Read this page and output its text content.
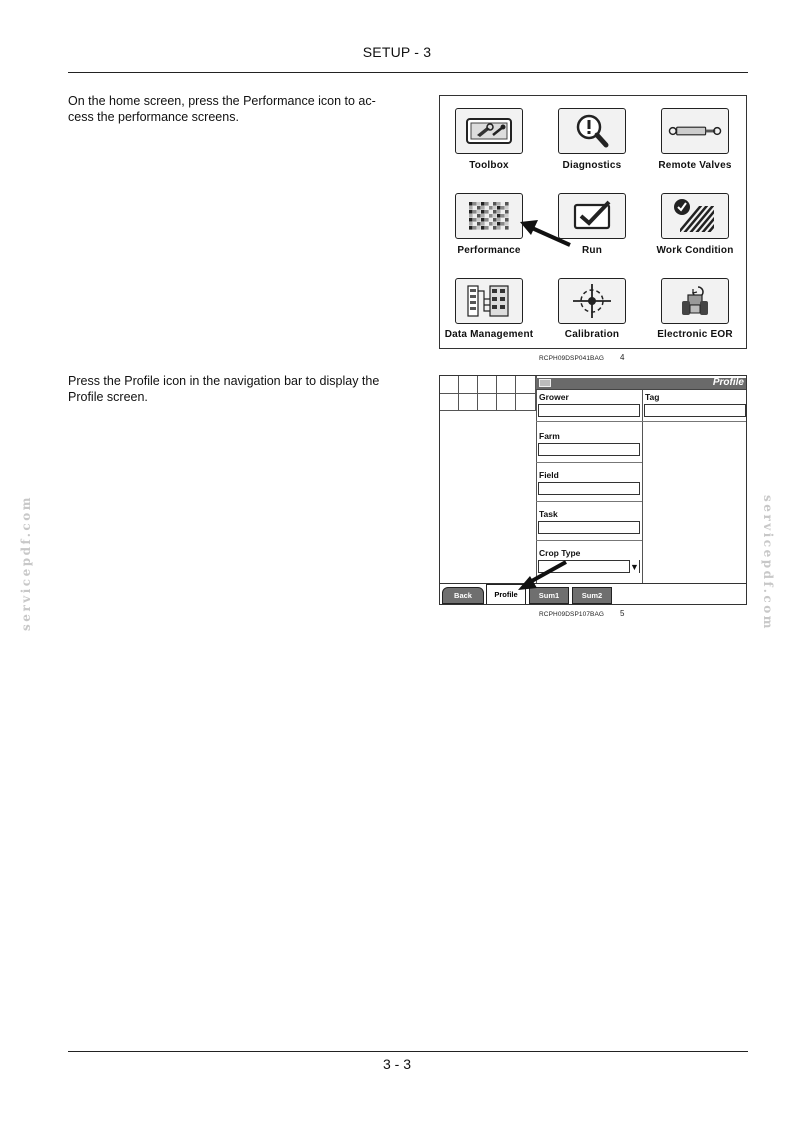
SETUP - 3
On the home screen, press the Performance icon to ac-
cess the performance screens.
Toolbox	Diagnostics	Remote Valves
Performance	Run	Work Condition
Data Management	Calibration	Electronic EOR
RCPH09DSP041BAG 4
Press the Profile icon in the navigation bar to display the
Profile screen.
Profile
Grower	Tag
Farm
Field
Task
Crop Type
▼
Back	Profile	Sum1	Sum2
RCPH09DSP107BAG 5
servicepdf.com	servicepdf.com
3 - 3
